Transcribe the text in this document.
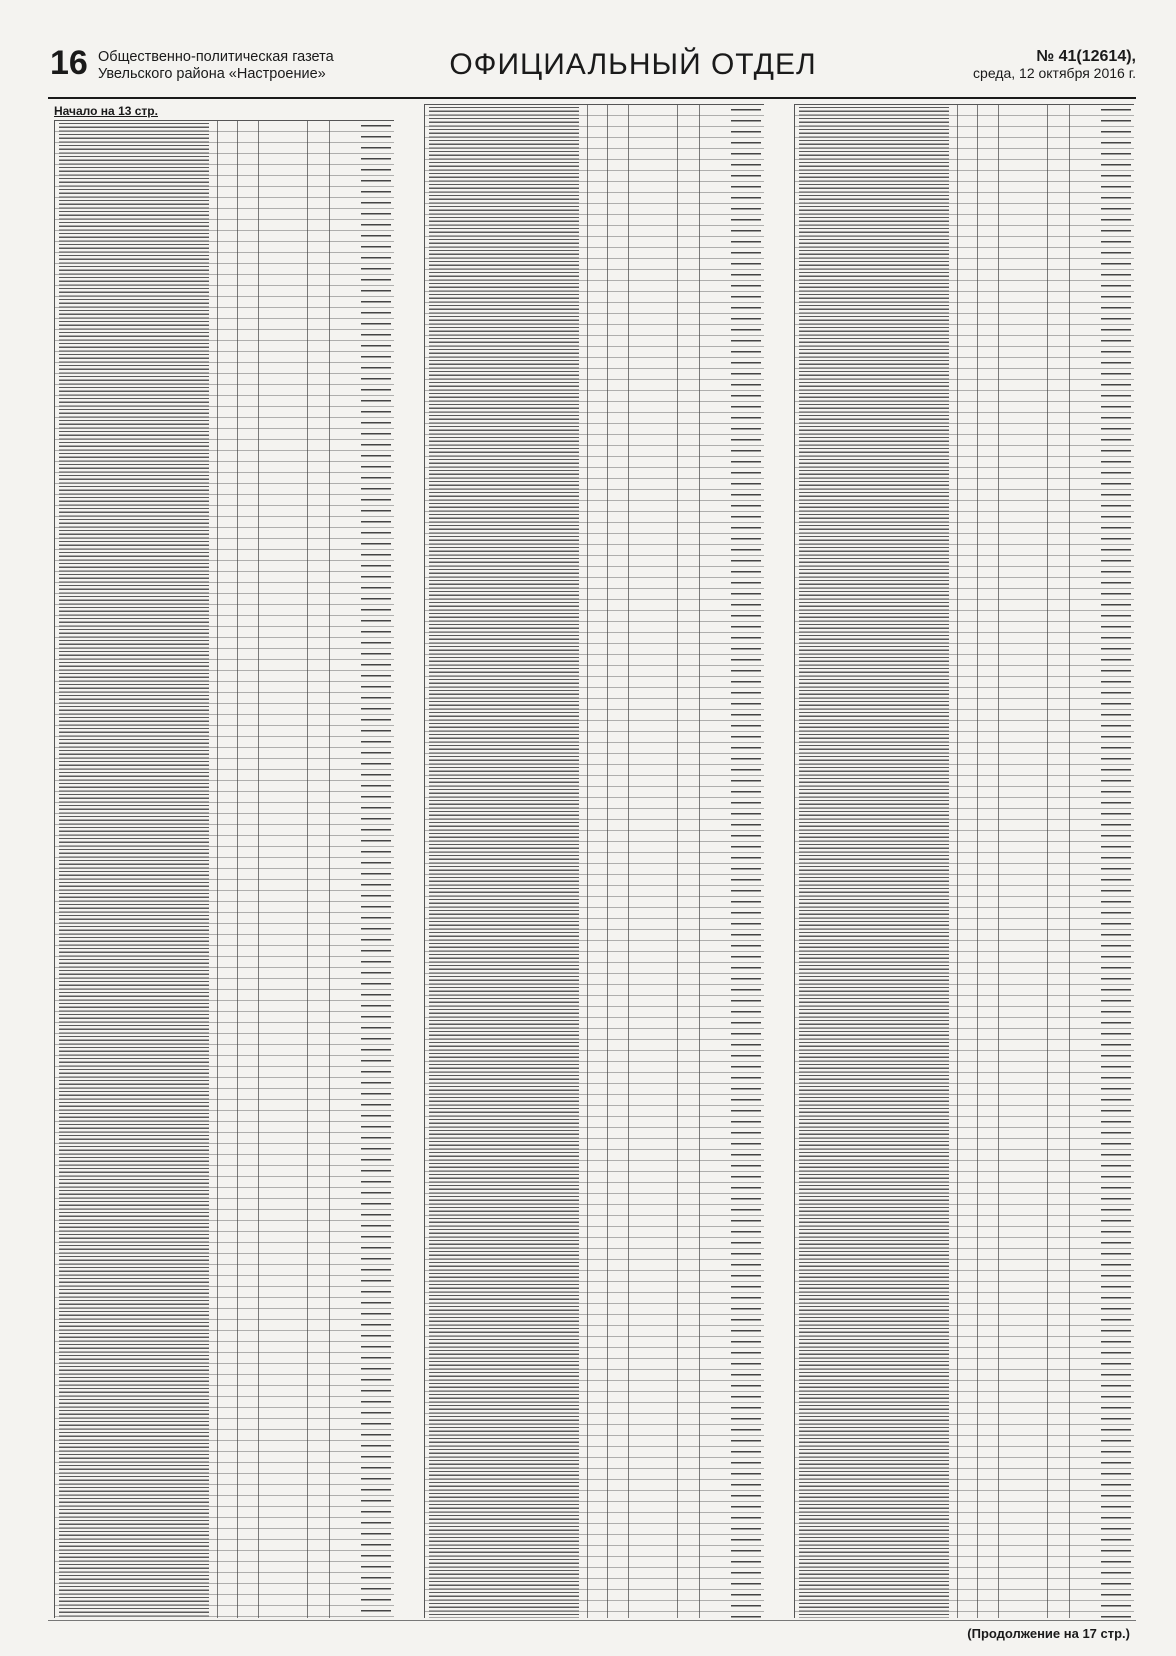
16 Общественно-политическая газета
Увельского района «Настроение»	ОФИЦИАЛЬНЫЙ ОТДЕЛ	№ 41(12614),
среда, 12 октября 2016 г.
Начало на 13 стр.
(Продолжение на 17 стр.)
